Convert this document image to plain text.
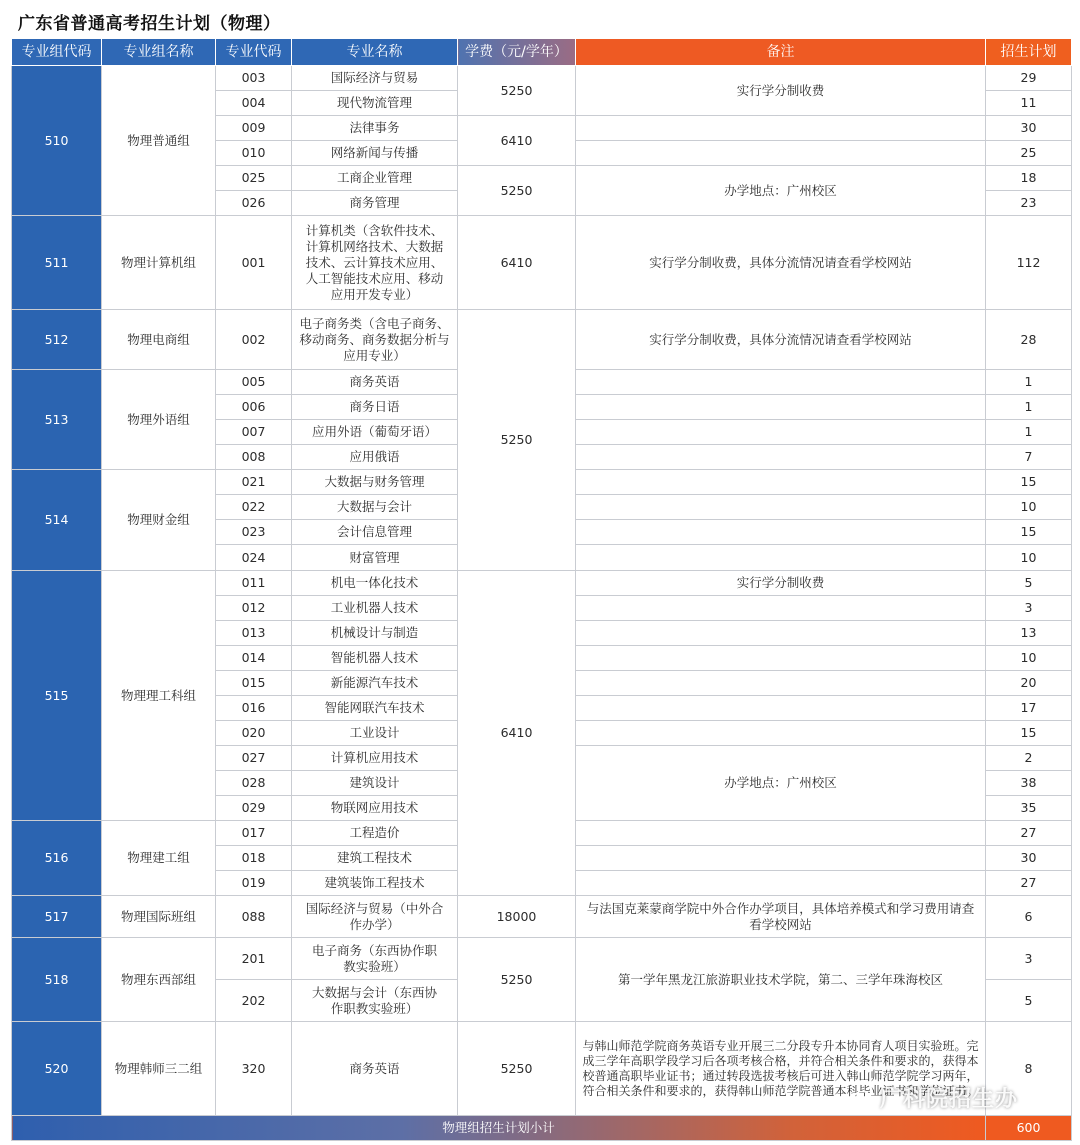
广东省普通高考招生计划（物理）
专业组代码	专业组名称	专业代码	专业名称	学费（元/学年）	备注	招生计划
510	物理普通组	003	国际经济与贸易	5250	实行学分制收费	29
		004	现代物流管理			11
		009	法律事务	6410		30
		010	网络新闻与传播			25
		025	工商企业管理	5250	办学地点：广州校区	18
		026	商务管理			23
511	物理计算机组	001	计算机类（含软件技术、计算机网络技术、大数据技术、云计算技术应用、人工智能技术应用、移动应用开发专业）	6410	实行学分制收费，具体分流情况请查看学校网站	112
512	物理电商组	002	电子商务类（含电子商务、移动商务、商务数据分析与应用专业）	5250	实行学分制收费，具体分流情况请查看学校网站	28
513	物理外语组	005	商务英语			1
		006	商务日语			1
		007	应用外语（葡萄牙语）			1
		008	应用俄语			7
514	物理财金组	021	大数据与财务管理			15
		022	大数据与会计			10
		023	会计信息管理			15
		024	财富管理			10
515	物理理工科组	011	机电一体化技术	6410	实行学分制收费	5
		012	工业机器人技术			3
		013	机械设计与制造			13
		014	智能机器人技术			10
		015	新能源汽车技术			20
		016	智能网联汽车技术			17
		020	工业设计			15
		027	计算机应用技术		办学地点：广州校区	2
		028	建筑设计			38
		029	物联网应用技术			35
516	物理建工组	017	工程造价			27
		018	建筑工程技术			30
		019	建筑装饰工程技术			27
517	物理国际班组	088	国际经济与贸易（中外合作办学）	18000	与法国克莱蒙商学院中外合作办学项目，具体培养模式和学习费用请查看学校网站	6
518	物理东西部组	201	电子商务（东西协作职教实验班）	5250	第一学年黑龙江旅游职业技术学院，第二、三学年珠海校区	3
		202	大数据与会计（东西协作职教实验班）			5
520	物理韩师三二组	320	商务英语	5250	与韩山师范学院商务英语专业开展三二分段专升本协同育人项目实验班。完成三学年高职学段学习后各项考核合格，并符合相关条件和要求的，获得本校普通高职毕业证书；通过转段选拔考核后可进入韩山师范学院学习两年，符合相关条件和要求的，获得韩山师范学院普通本科毕业证书和学位证书。	8
物理组招生计划小计						600
广科院招生办
